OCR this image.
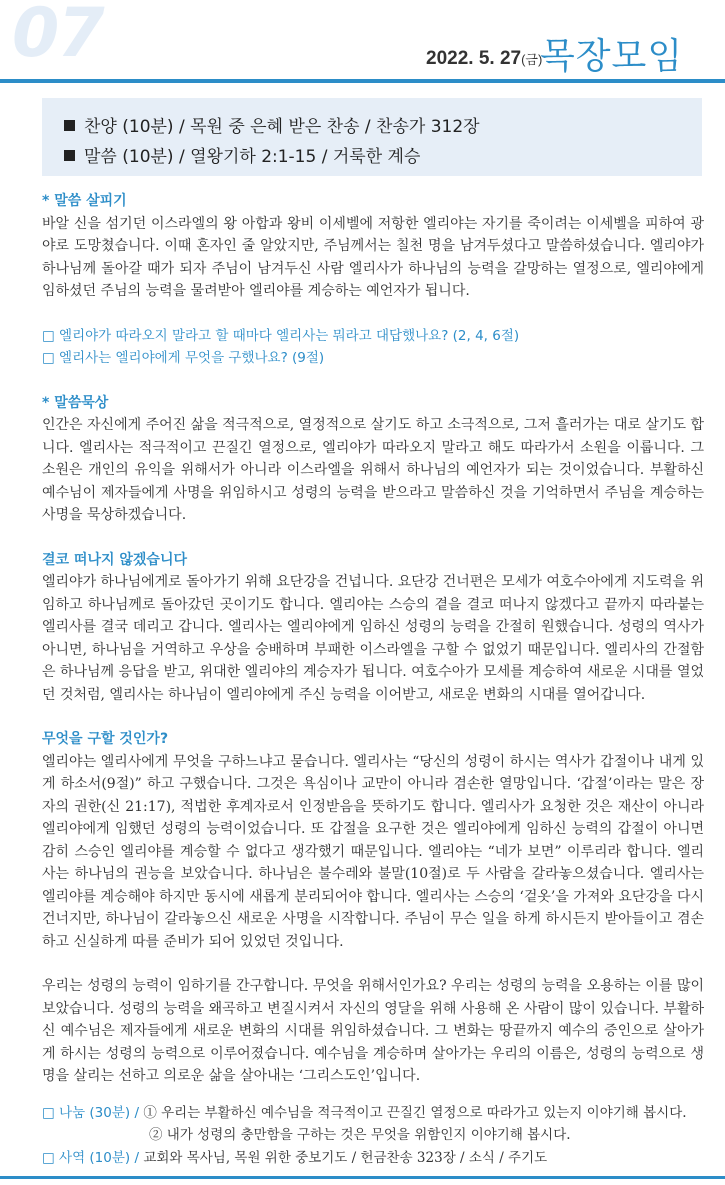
07	2022. 5. 27(금)
목장모임
찬양 (10분) / 목원 중 은혜 받은 찬송 / 찬송가 312장
말씀 (10분) / 열왕기하 2:1-15 / 거룩한 계승

* 말씀 살피기

바알 신을 섬기던 이스라엘의 왕 아합과 왕비 이세벨에 저항한 엘리야는 자기를 죽이려는 이세벨을 피하여 광야로 도망쳤습니다. 이때 혼자인 줄 알았지만, 주님께서는 칠천 명을 남겨두셨다고 말씀하셨습니다. 엘리야가 하나님께 돌아갈 때가 되자 주님이 남겨두신 사람 엘리사가 하나님의 능력을 갈망하는 열정으로, 엘리야에게 임하셨던 주님의 능력을 물려받아 엘리야를 계승하는 예언자가 됩니다.

□ 엘리야가 따라오지 말라고 할 때마다 엘리사는 뭐라고 대답했나요? (2, 4, 6절)

□ 엘리사는 엘리야에게 무엇을 구했나요? (9절)

* 말씀묵상

인간은 자신에게 주어진 삶을 적극적으로, 열정적으로 살기도 하고 소극적으로, 그저 흘러가는 대로 살기도 합니다. 엘리사는 적극적이고 끈질긴 열정으로, 엘리야가 따라오지 말라고 해도 따라가서 소원을 이룹니다. 그 소원은 개인의 유익을 위해서가 아니라 이스라엘을 위해서 하나님의 예언자가 되는 것이었습니다. 부활하신 예수님이 제자들에게 사명을 위임하시고 성령의 능력을 받으라고 말씀하신 것을 기억하면서 주님을 계승하는 사명을 묵상하겠습니다.

결코 떠나지 않겠습니다

엘리야가 하나님에게로 돌아가기 위해 요단강을 건넙니다. 요단강 건너편은 모세가 여호수아에게 지도력을 위임하고 하나님께로 돌아갔던 곳이기도 합니다. 엘리야는 스승의 곁을 결코 떠나지 않겠다고 끝까지 따라붙는 엘리사를 결국 데리고 갑니다. 엘리사는 엘리야에게 임하신 성령의 능력을 간절히 원했습니다. 성령의 역사가 아니면, 하나님을 거역하고 우상을 숭배하며 부패한 이스라엘을 구할 수 없었기 때문입니다. 엘리사의 간절함은 하나님께 응답을 받고, 위대한 엘리야의 계승자가 됩니다. 여호수아가 모세를 계승하여 새로운 시대를 열었던 것처럼, 엘리사는 하나님이 엘리야에게 주신 능력을 이어받고, 새로운 변화의 시대를 열어갑니다.

무엇을 구할 것인가?

엘리야는 엘리사에게 무엇을 구하느냐고 묻습니다. 엘리사는 “당신의 성령이 하시는 역사가 갑절이나 내게 있게 하소서(9절)” 하고 구했습니다. 그것은 욕심이나 교만이 아니라 겸손한 열망입니다. ‘갑절’이라는 말은 장자의 권한(신 21:17), 적법한 후계자로서 인정받음을 뜻하기도 합니다. 엘리사가 요청한 것은 재산이 아니라 엘리야에게 임했던 성령의 능력이었습니다. 또 갑절을 요구한 것은 엘리야에게 임하신 능력의 갑절이 아니면 감히 스승인 엘리야를 계승할 수 없다고 생각했기 때문입니다. 엘리야는 “네가 보면” 이루리라 합니다. 엘리사는 하나님의 권능을 보았습니다. 하나님은 불수레와 불말(10절)로 두 사람을 갈라놓으셨습니다. 엘리사는 엘리야를 계승해야 하지만 동시에 새롭게 분리되어야 합니다. 엘리사는 스승의 ‘겉옷’을 가져와 요단강을 다시 건너지만, 하나님이 갈라놓으신 새로운 사명을 시작합니다. 주님이 무슨 일을 하게 하시든지 받아들이고 겸손하고 신실하게 따를 준비가 되어 있었던 것입니다.

우리는 성령의 능력이 임하기를 간구합니다. 무엇을 위해서인가요? 우리는 성령의 능력을 오용하는 이를 많이 보았습니다. 성령의 능력을 왜곡하고 변질시켜서 자신의 영달을 위해 사용해 온 사람이 많이 있습니다. 부활하신 예수님은 제자들에게 새로운 변화의 시대를 위임하셨습니다. 그 변화는 땅끝까지 예수의 증인으로 살아가게 하시는 성령의 능력으로 이루어졌습니다. 예수님을 계승하며 살아가는 우리의 이름은, 성령의 능력으로 생명을 살리는 선하고 의로운 삶을 살아내는 ‘그리스도인’입니다.

□ 나눔 (30분) / ① 우리는 부활하신 예수님을 적극적이고 끈질긴 열정으로 따라가고 있는지 이야기해 봅시다.

② 내가 성령의 충만함을 구하는 것은 무엇을 위함인지 이야기해 봅시다.

□ 사역 (10분) / 교회와 목사님, 목원 위한 중보기도 / 헌금찬송 323장 / 소식 / 주기도
